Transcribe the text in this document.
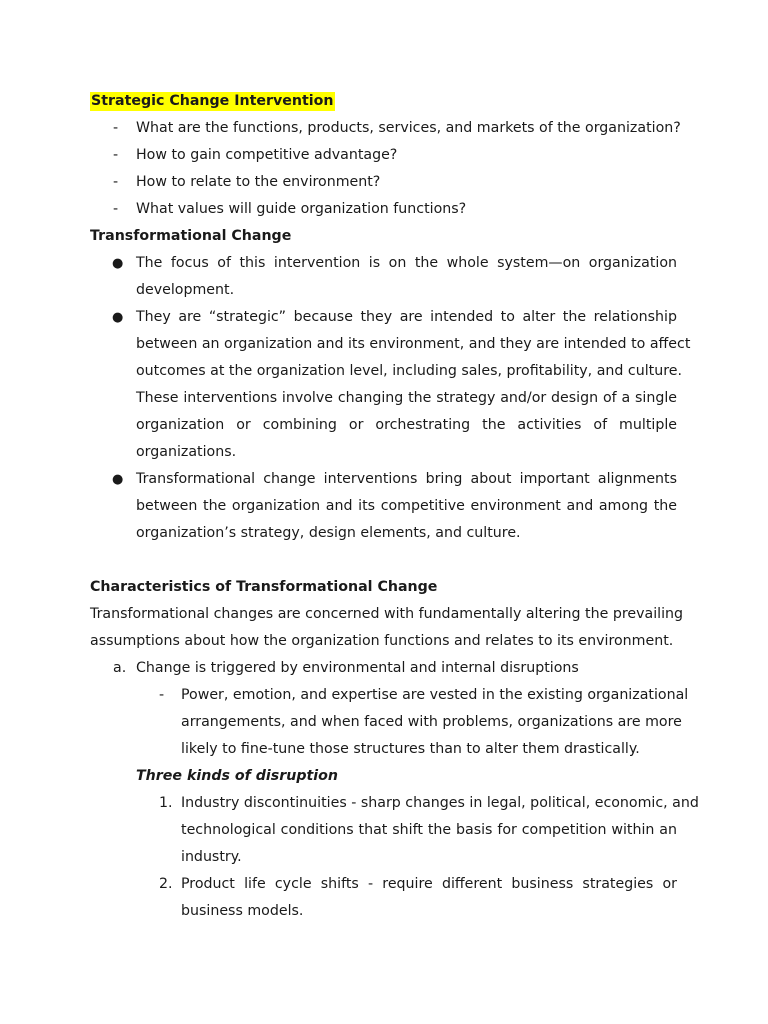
Strategic Change Intervention
- What are the functions, products, services, and markets of the organization?
- How to gain competitive advantage?
- How to relate to the environment?
- What values will guide organization functions?
Transformational Change
● The focus of this intervention is on the whole system—on organization
development.
● They are “strategic” because they are intended to alter the relationship
between an organization and its environment, and they are intended to affect
outcomes at the organization level, including sales, profitability, and culture.
These interventions involve changing the strategy and/or design of a single
organization or combining or orchestrating the activities of multiple
organizations.
● Transformational change interventions bring about important alignments
between the organization and its competitive environment and among the
organization’s strategy, design elements, and culture.
Characteristics of Transformational Change
Transformational changes are concerned with fundamentally altering the prevailing
assumptions about how the organization functions and relates to its environment.
a. Change is triggered by environmental and internal disruptions
- Power, emotion, and expertise are vested in the existing organizational
arrangements, and when faced with problems, organizations are more
likely to fine-tune those structures than to alter them drastically.
Three kinds of disruption
1. Industry discontinuities - sharp changes in legal, political, economic, and
technological conditions that shift the basis for competition within an
industry.
2. Product life cycle shifts - require different business strategies or
business models.
